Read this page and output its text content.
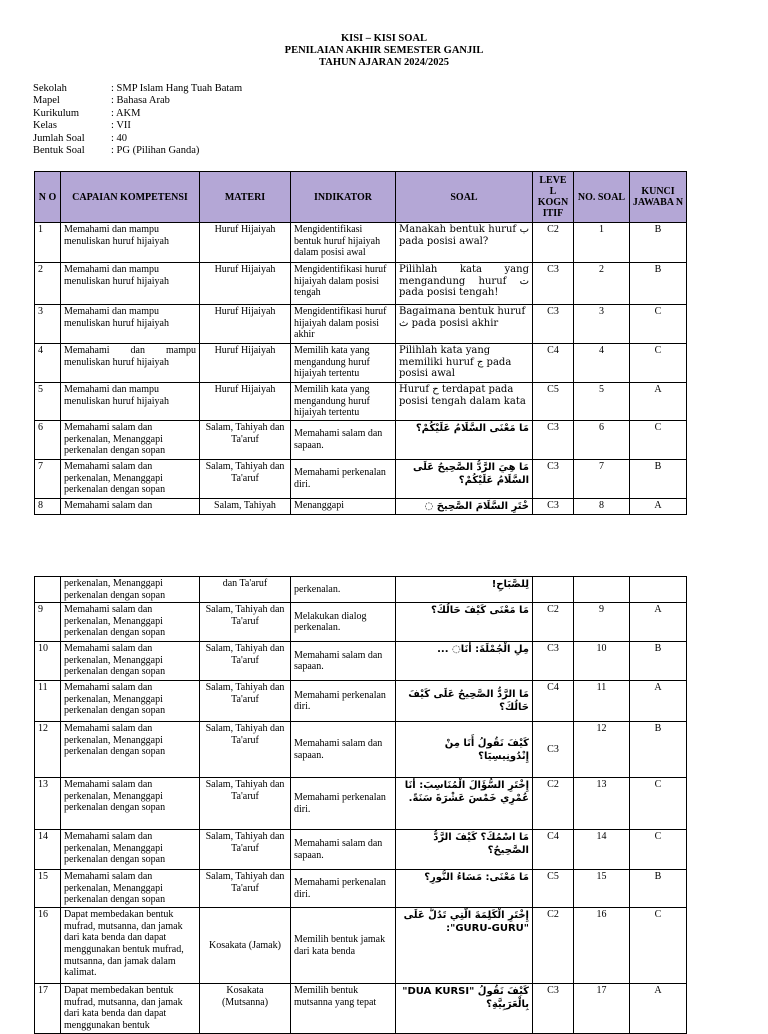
KISI – KISI SOAL
PENILAIAN AKHIR SEMESTER GANJIL
TAHUN AJARAN 2024/2025
Sekolah	: SMP Islam Hang Tuah Batam
Mapel	: Bahasa Arab
Kurikulum	: AKM
Kelas	: VII
Jumlah Soal	: 40
Bentuk Soal	: PG (Pilihan Ganda)
N O	CAPAIAN KOMPETENSI	MATERI	INDIKATOR	SOAL	LEVE L KOGN ITIF	NO. SOAL	KUNCI JAWABA N
1	Memahami dan mampu menuliskan huruf hijaiyah	Huruf Hijaiyah	Mengidentifikasi bentuk huruf hijaiyah dalam posisi awal	Manakah bentuk huruf ب pada posisi awal?	C2	1	B
2	Memahami dan mampu menuliskan huruf hijaiyah	Huruf Hijaiyah	Mengidentifikasi huruf hijaiyah dalam posisi tengah	Pilihlah kata yang mengandung huruf ت pada posisi tengah!	C3	2	B
3	Memahami dan mampu menuliskan huruf hijaiyah	Huruf Hijaiyah	Mengidentifikasi huruf hijaiyah dalam posisi akhir	Bagaimana bentuk huruf ث pada posisi akhir	C3	3	C
4	Memahami dan mampu menuliskan huruf hijaiyah	Huruf Hijaiyah	Memilih kata yang mengandung huruf hijaiyah tertentu	Pilihlah kata yang memiliki huruf ج pada posisi awal	C4	4	C
5	Memahami dan mampu menuliskan huruf hijaiyah	Huruf Hijaiyah	Memilih kata yang mengandung huruf hijaiyah tertentu	Huruf ح terdapat pada posisi tengah dalam kata	C5	5	A
6	Memahami salam dan perkenalan, Menanggapi perkenalan dengan sopan	Salam, Tahiyah dan Ta'aruf	Memahami salam dan sapaan.	مَا مَعْنَى السَّلَامُ عَلَيْكُمْ؟	C3	6	C
7	Memahami salam dan perkenalan, Menanggapi perkenalan dengan sopan	Salam, Tahiyah dan Ta'aruf	Memahami perkenalan diri.	مَا هِيَ الرَّدُّ الصَّحِيحُ عَلَى السَّلَامُ عَلَيْكُمْ؟	C3	7	B
8	Memahami salam dan	Salam, Tahiyah	Menanggapi	خْتَرِ السَّلَامَ الصَّحِيحَ ◌	C3	8	A
	perkenalan, Menanggapi perkenalan dengan sopan	dan Ta'aruf	perkenalan.	لِلصَّبَاحِ!			
9	Memahami salam dan perkenalan, Menanggapi perkenalan dengan sopan	Salam, Tahiyah dan Ta'aruf	Melakukan dialog perkenalan.	مَا مَعْنَى كَيْفَ حَالُكَ؟	C2	9	A
10	Memahami salam dan perkenalan, Menanggapi perkenalan dengan sopan	Salam, Tahiyah dan Ta'aruf	Memahami salam dan sapaan.	مِلِ الْجُمْلَةَ: أَنَا◌ ...	C3	10	B
11	Memahami salam dan perkenalan, Menanggapi perkenalan dengan sopan	Salam, Tahiyah dan Ta'aruf	Memahami perkenalan diri.	مَا الرَّدُّ الصَّحِيحُ عَلَى كَيْفَ حَالُكَ؟	C4	11	A
12	Memahami salam dan perkenalan, Menanggapi perkenalan dengan sopan	Salam, Tahiyah dan Ta'aruf	Memahami salam dan sapaan.	كَيْفَ نَقُولُ أَنَا مِنْ إِنْدُونِيسِيَا؟	C3	12	B
13	Memahami salam dan perkenalan, Menanggapi perkenalan dengan sopan	Salam, Tahiyah dan Ta'aruf	Memahami perkenalan diri.	إِخْتَرِ السُّؤَالَ الْمُنَاسِبَ: أَنَا عُمْرِي خَمْسَ عَشْرَةَ سَنَةً.	C2	13	C
14	Memahami salam dan perkenalan, Menanggapi perkenalan dengan sopan	Salam, Tahiyah dan Ta'aruf	Memahami salam dan sapaan.	مَا اسْمُكَ؟ كَيْفَ الرَّدُّ الصَّحِيحُ؟	C4	14	C
15	Memahami salam dan perkenalan, Menanggapi perkenalan dengan sopan	Salam, Tahiyah dan Ta'aruf	Memahami perkenalan diri.	مَا مَعْنَى: مَسَاءُ النُّورِ؟	C5	15	B
16	Dapat membedakan bentuk mufrad, mutsanna, dan jamak dari kata benda dan dapat menggunakan bentuk mufrad, mutsanna, dan jamak dalam kalimat.	Kosakata (Jamak)	Memilih bentuk jamak dari kata benda	إِخْتَرِ الْكَلِمَةَ الَّتِي تَدُلُّ عَلَى "GURU-GURU":	C2	16	C
17	Dapat membedakan bentuk mufrad, mutsanna, dan jamak dari kata benda dan dapat menggunakan bentuk	Kosakata (Mutsanna)	Memilih bentuk mutsanna yang tepat	كَيْفَ نَقُولُ "DUA KURSI" بِالْعَرَبِيَّةِ؟	C3	17	A
